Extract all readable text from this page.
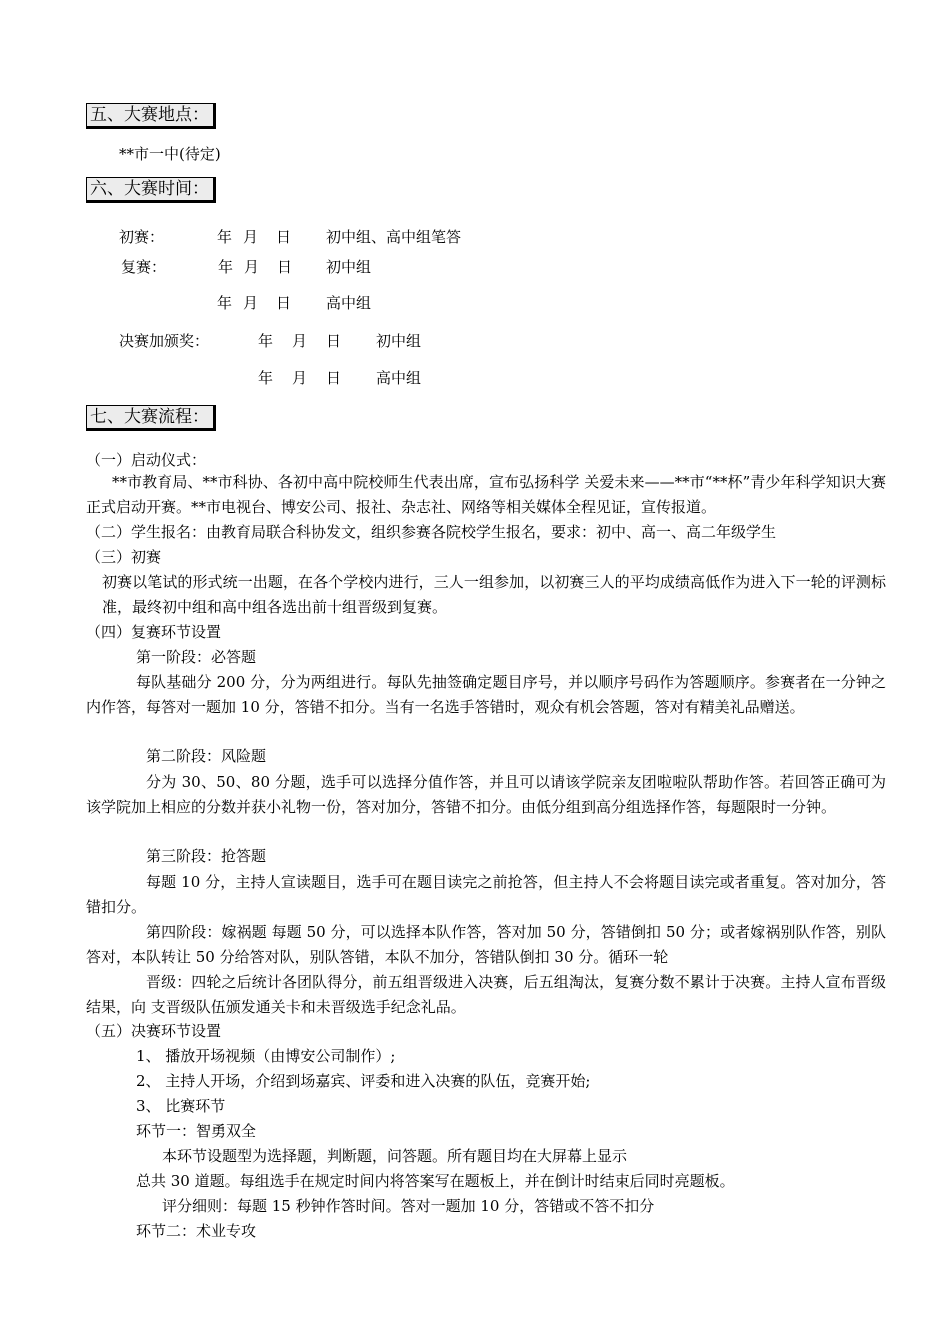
五、大赛地点：
**市一中(待定)
六、大赛时间：
初赛：	年 月 日 初中组、高中组笔答
复赛：	年 月 日 初中组
年 月 日 高中组
决赛加颁奖：	年 月 日 初中组
年 月 日 高中组
七、大赛流程：
（一）启动仪式：
**市教育局、**市科协、各初中高中院校师生代表出席，宣布弘扬科学 关爱未来——**市“**杯”青少年科学知识大赛正式启动开赛。**市电视台、博安公司、报社、杂志社、网络等相关媒体全程见证，宣传报道。
（二）学生报名：由教育局联合科协发文，组织参赛各院校学生报名，要求：初中、高一、高二年级学生
（三）初赛
初赛以笔试的形式统一出题，在各个学校内进行，三人一组参加，以初赛三人的平均成绩高低作为进入下一轮的评测标准，最终初中组和高中组各选出前十组晋级到复赛。
（四）复赛环节设置
第一阶段：必答题
每队基础分 200 分，分为两组进行。每队先抽签确定题目序号，并以顺序号码作为答题顺序。参赛者在一分钟之内作答，每答对一题加 10 分，答错不扣分。当有一名选手答错时，观众有机会答题，答对有精美礼品赠送。
第二阶段：风险题
分为 30、50、80 分题，选手可以选择分值作答，并且可以请该学院亲友团啦啦队帮助作答。若回答正确可为该学院加上相应的分数并获小礼物一份，答对加分，答错不扣分。由低分组到高分组选择作答，每题限时一分钟。
第三阶段：抢答题
每题 10 分，主持人宣读题目，选手可在题目读完之前抢答，但主持人不会将题目读完或者重复。答对加分，答错扣分。
第四阶段：嫁祸题 每题 50 分，可以选择本队作答，答对加 50 分，答错倒扣 50 分；或者嫁祸别队作答，别队答对，本队转让 50 分给答对队，别队答错，本队不加分，答错队倒扣 30 分。循环一轮
晋级：四轮之后统计各团队得分，前五组晋级进入决赛，后五组淘汰，复赛分数不累计于决赛。主持人宣布晋级结果，向 支晋级队伍颁发通关卡和未晋级选手纪念礼品。
（五）决赛环节设置
1、 播放开场视频（由博安公司制作）;
2、 主持人开场，介绍到场嘉宾、评委和进入决赛的队伍，竞赛开始;
3、 比赛环节
环节一：智勇双全
本环节设题型为选择题，判断题，问答题。所有题目均在大屏幕上显示
总共 30 道题。每组选手在规定时间内将答案写在题板上，并在倒计时结束后同时亮题板。
评分细则：每题 15 秒钟作答时间。答对一题加 10 分，答错或不答不扣分
环节二：术业专攻
